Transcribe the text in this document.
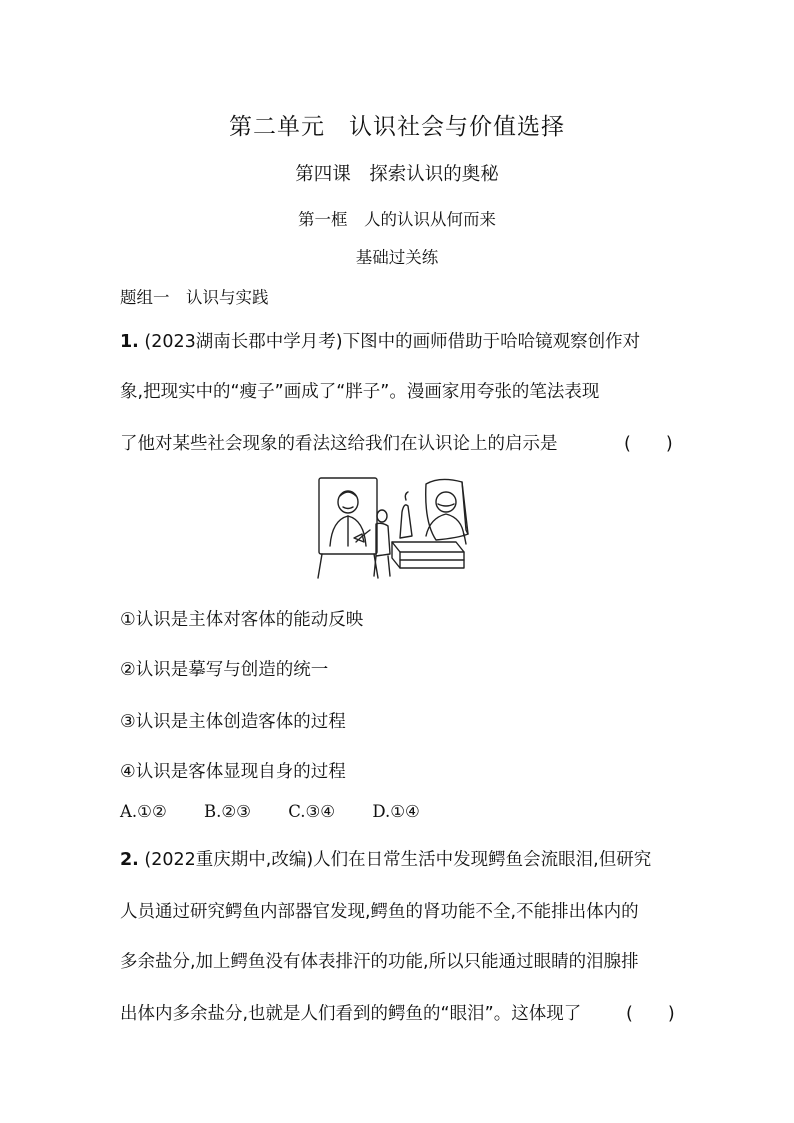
第二单元　认识社会与价值选择
第四课　探索认识的奥秘
第一框　人的认识从何而来
基础过关练
题组一　认识与实践
1. (2023湖南长郡中学月考)下图中的画师借助于哈哈镜观察创作对
象,把现实中的“瘦子”画成了“胖子”。漫画家用夸张的笔法表现
了他对某些社会现象的看法这给我们在认识论上的启示是	(　　)
①认识是主体对客体的能动反映
②认识是摹写与创造的统一
③认识是主体创造客体的过程
④认识是客体显现自身的过程
A.①② B.②③ C.③④ D.①④
2. (2022重庆期中,改编)人们在日常生活中发现鳄鱼会流眼泪,但研究
人员通过研究鳄鱼内部器官发现,鳄鱼的肾功能不全,不能排出体内的
多余盐分,加上鳄鱼没有体表排汗的功能,所以只能通过眼睛的泪腺排
出体内多余盐分,也就是人们看到的鳄鱼的“眼泪”。这体现了	(　　)
